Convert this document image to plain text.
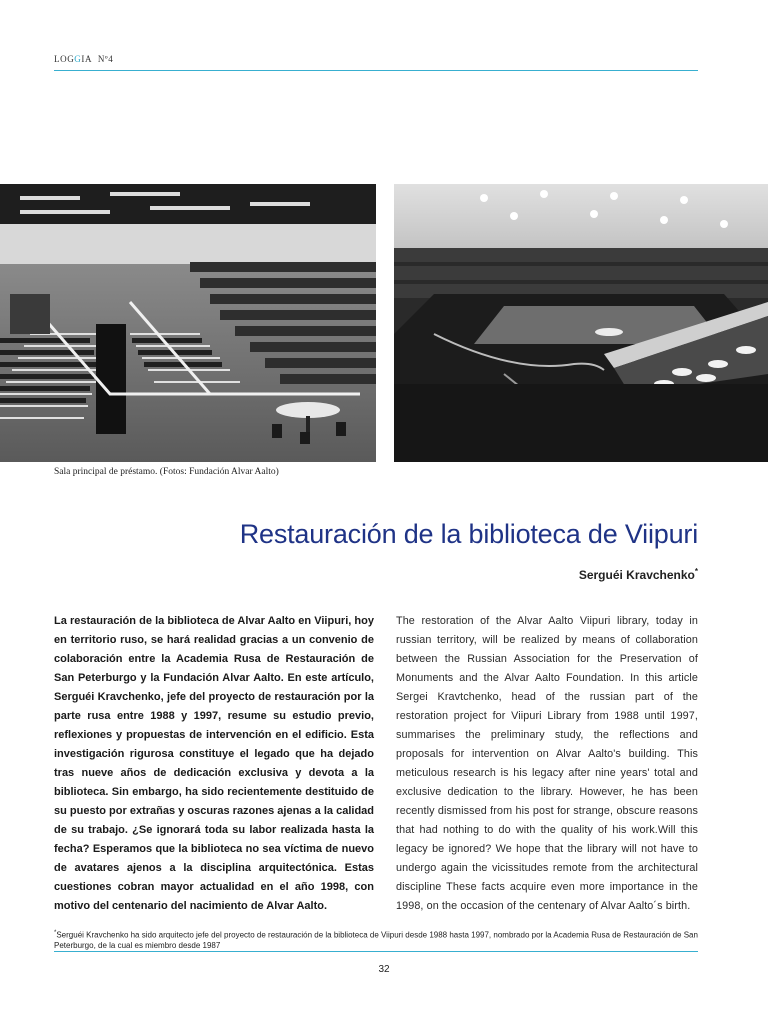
LOGGIA Nº4
Sala principal de préstamo. (Fotos: Fundación Alvar Aalto)
Restauración de la biblioteca de Viipuri
Serguéi Kravchenko*
La restauración de la biblioteca de Alvar Aalto en Viipuri, hoy en territorio ruso, se hará realidad gracias a un convenio de colaboración entre la Academia Rusa de Restauración de San Peterburgo y la Fundación Alvar Aalto. En este artículo, Serguéi Kravchenko, jefe del proyecto de restauración por la parte rusa entre 1988 y 1997, resume su estudio previo, reflexiones y propuestas de intervención en el edificio. Esta investigación rigurosa constituye el legado que ha dejado tras nueve años de dedicación exclusiva y devota a la biblioteca. Sin embargo, ha sido recientemente destituido de su puesto por extrañas y oscuras razones ajenas a la calidad de su trabajo. ¿Se ignorará toda su labor realizada hasta la fecha? Esperamos que la biblioteca no sea víctima de nuevo de avatares ajenos a la disciplina arquitectónica. Estas cuestiones cobran mayor actualidad en el año 1998, con motivo del centenario del nacimiento de Alvar Aalto.
The restoration of the Alvar Aalto Viipuri library, today in russian territory, will be realized by means of collaboration between the Russian Association for the Preservation of Monuments and the Alvar Aalto Foundation. In this article Sergei Kravtchenko, head of the russian part of the restoration project for Viipuri Library from 1988 until 1997, summarises the preliminary study, the reflections and proposals for intervention on Alvar Aalto's building. This meticulous research is his legacy after nine years' total and exclusive dedication to the library. However, he has been recently dismissed from his post for strange, obscure reasons that had nothing to do with the quality of his work.Will this legacy be ignored? We hope that the library will not have to undergo again the vicissitudes remote from the architectural discipline These facts acquire even more importance in the 1998, on the occasion of the centenary of Alvar Aalto´s birth.
*Serguéi Kravchenko ha sido arquitecto jefe del proyecto de restauración de la biblioteca de Viipuri desde 1988 hasta 1997, nombrado por la Academia Rusa de Restauración de San Peterburgo, de la cual es miembro desde 1987
32
